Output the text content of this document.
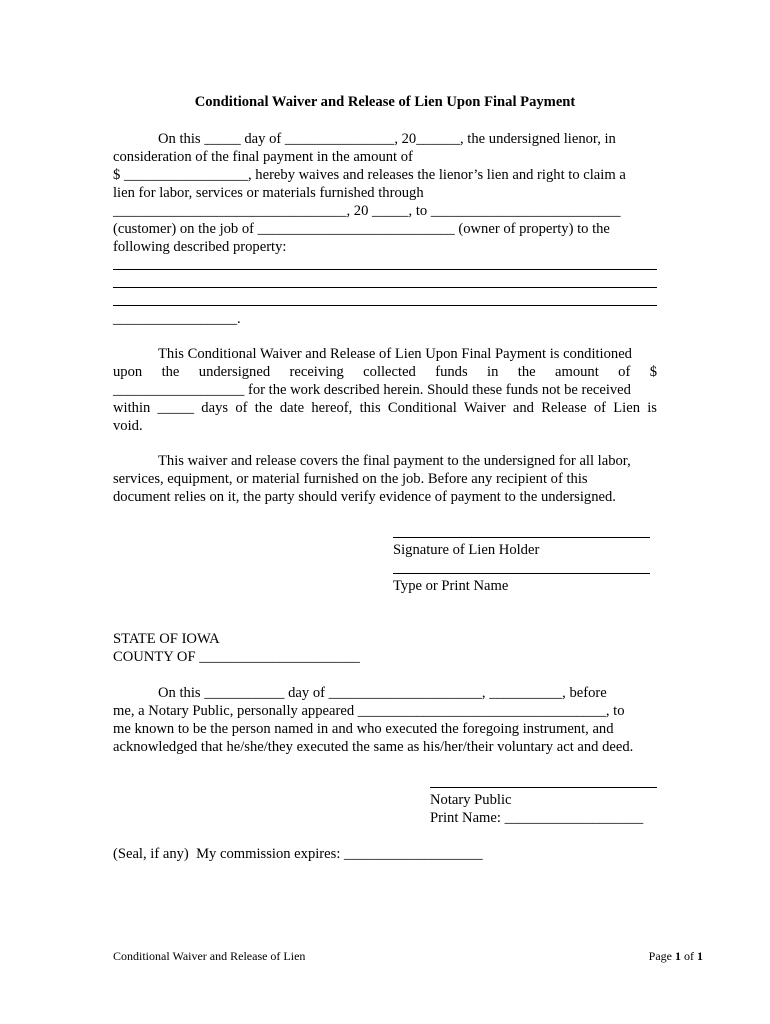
Conditional Waiver and Release of Lien Upon Final Payment
On this _____ day of _______________, 20______, the undersigned lienor, in
consideration of the final payment in the amount of
$ _________________, hereby waives and releases the lienor’s lien and right to claim a
lien for labor, services or materials furnished through
________________________________, 20 _____, to __________________________
(customer) on the job of ___________________________ (owner of property) to the
following described property:
_________________.
This Conditional Waiver and Release of Lien Upon Final Payment is conditioned
upon the undersigned receiving collected funds in the amount of $
__________________ for the work described herein. Should these funds not be received
within _____ days of the date hereof, this Conditional Waiver and Release of Lien is
void.
This waiver and release covers the final payment to the undersigned for all labor,
services, equipment, or material furnished on the job. Before any recipient of this
document relies on it, the party should verify evidence of payment to the undersigned.
Signature of Lien Holder
Type or Print Name
STATE OF IOWA
COUNTY OF ______________________
On this ___________ day of _____________________, __________, before
me, a Notary Public, personally appeared __________________________________, to
me known to be the person named in and who executed the foregoing instrument, and
acknowledged that he/she/they executed the same as his/her/their voluntary act and deed.
Notary Public
Print Name: ___________________
(Seal, if any)  My commission expires: ___________________
Conditional Waiver and Release of Lien	Page 1 of 1
